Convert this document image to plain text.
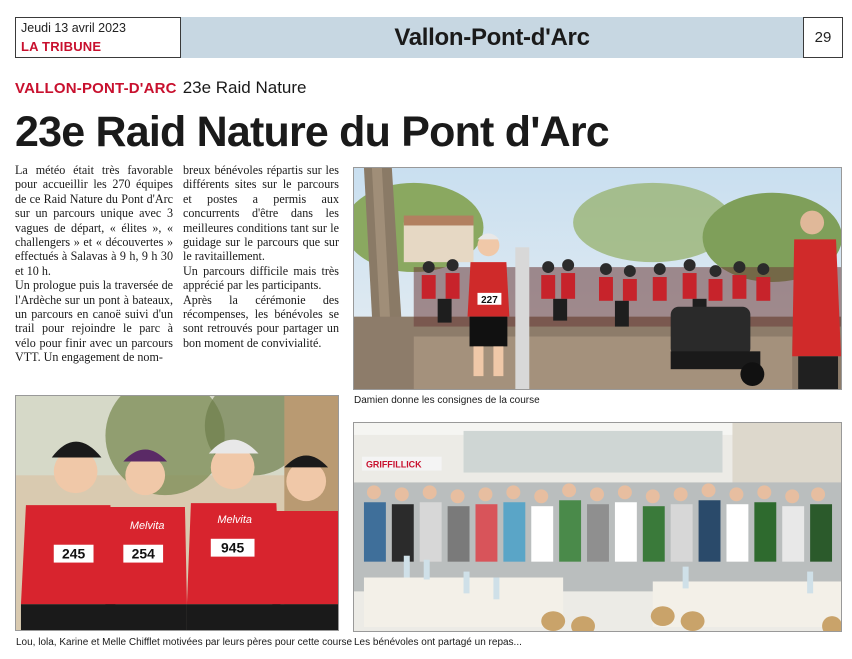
Jeudi 13 avril 2023
LA TRIBUNE	Vallon-Pont-d'Arc	29
VALLON-PONT-D'ARC 23e Raid Nature
23e Raid Nature du Pont d'Arc

La météo était très favorable pour accueillir les 270 équipes de ce Raid Nature du Pont d'Arc sur un parcours unique avec 3 vagues de départ, « élites », « challengers » et « découvertes » effectués à Salavas à 9 h, 9 h 30 et 10 h.

Un prologue puis la traversée de l'Ardèche sur un pont à bateaux, un parcours en canoë suivi d'un trail pour rejoindre le parc à vélo pour finir avec un parcours VTT. Un engagement de nom-

breux bénévoles répartis sur les différents sites sur le parcours et postes a permis aux concurrents d'être dans les meilleures conditions tant sur le guidage sur le parcours que sur le ravitaillement.

Un parcours difficile mais très apprécié par les participants.

Après la cérémonie des récompenses, les bénévoles se sont retrouvés pour partager un bon moment de convivialité.

227
Damien donne les consignes de la course
245	254
Melvita
945
Melvita
Lou, lola, Karine et Melle Chifflet motivées par leurs pères pour cette course
GRIFFILLICK
Les bénévoles ont partagé un repas...
